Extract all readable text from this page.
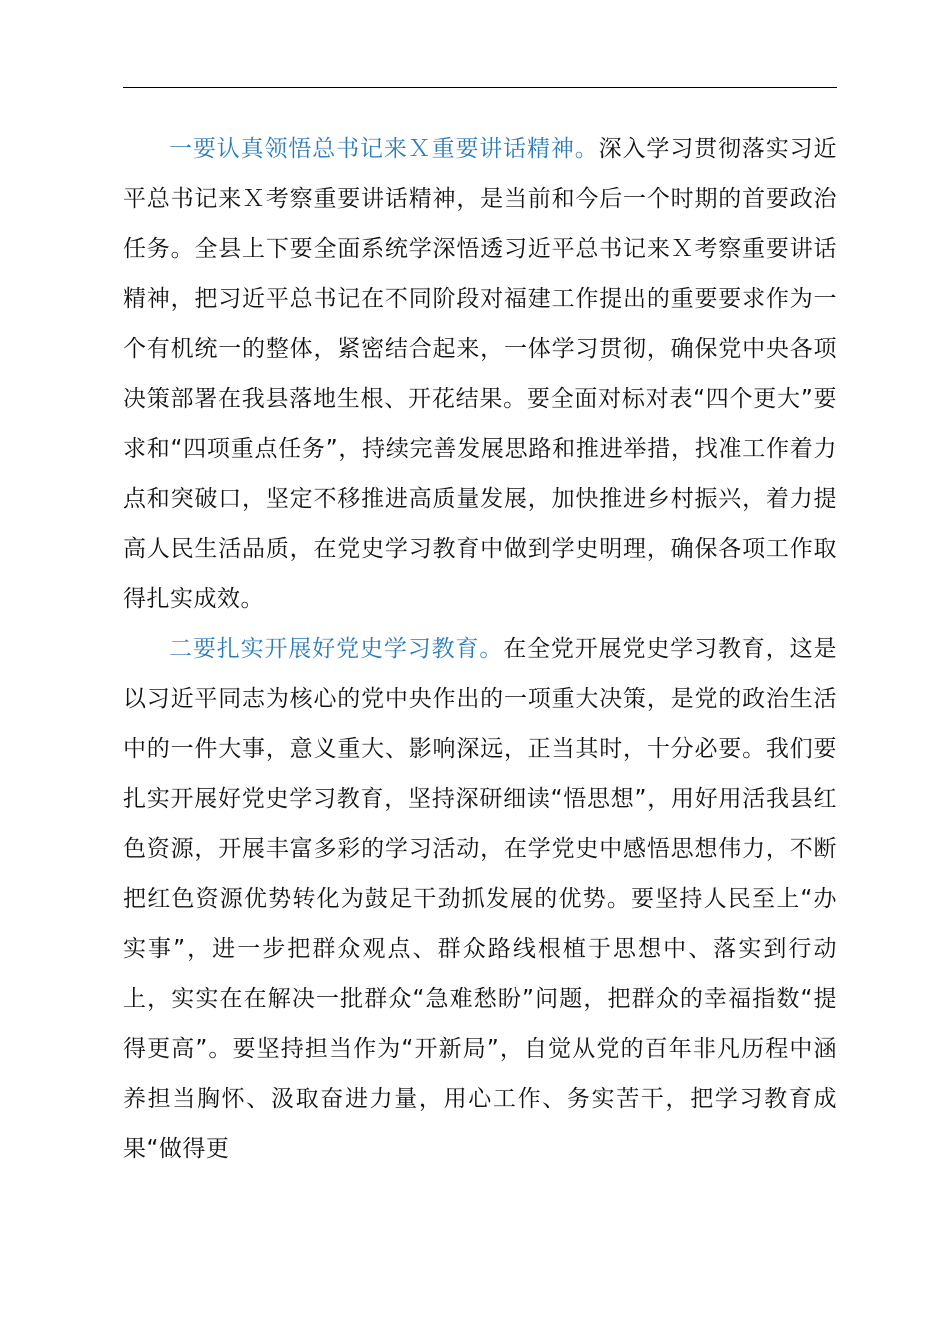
一要认真领悟总书记来Ｘ重要讲话精神。深入学习贯彻落实习近平总书记来Ｘ考察重要讲话精神，是当前和今后一个时期的首要政治任务。全县上下要全面系统学深悟透习近平总书记来Ｘ考察重要讲话精神，把习近平总书记在不同阶段对福建工作提出的重要要求作为一个有机统一的整体，紧密结合起来，一体学习贯彻，确保党中央各项决策部署在我县落地生根、开花结果。要全面对标对表“四个更大”要求和“四项重点任务”，持续完善发展思路和推进举措，找准工作着力点和突破口，坚定不移推进高质量发展，加快推进乡村振兴，着力提高人民生活品质，在党史学习教育中做到学史明理，确保各项工作取得扎实成效。

二要扎实开展好党史学习教育。在全党开展党史学习教育，这是以习近平同志为核心的党中央作出的一项重大决策，是党的政治生活中的一件大事，意义重大、影响深远，正当其时，十分必要。我们要扎实开展好党史学习教育，坚持深研细读“悟思想”，用好用活我县红色资源，开展丰富多彩的学习活动，在学党史中感悟思想伟力，不断把红色资源优势转化为鼓足干劲抓发展的优势。要坚持人民至上“办实事”，进一步把群众观点、群众路线根植于思想中、落实到行动上，实实在在解决一批群众“急难愁盼”问题，把群众的幸福指数“提得更高”。要坚持担当作为“开新局”，自觉从党的百年非凡历程中涵养担当胸怀、汲取奋进力量，用心工作、务实苦干，把学习教育成果“做得更
